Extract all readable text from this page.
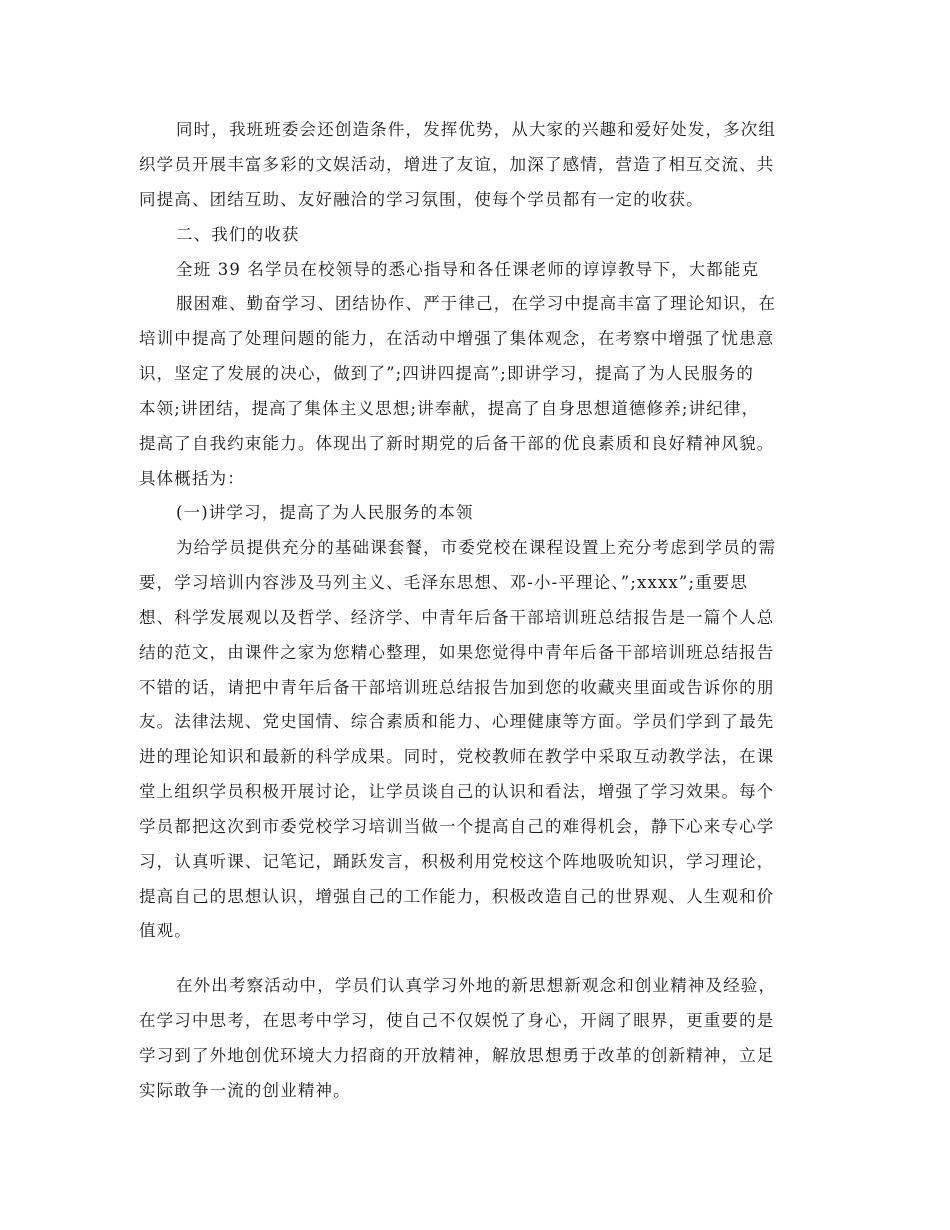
同时，我班班委会还创造条件，发挥优势，从大家的兴趣和爱好处发，多次组
织学员开展丰富多彩的文娱活动，增进了友谊，加深了感情，营造了相互交流、共
同提高、团结互助、友好融洽的学习氛围，使每个学员都有一定的收获。
二、我们的收获
全班 39 名学员在校领导的悉心指导和各任课老师的谆谆教导下，大都能克
服困难、勤奋学习、团结协作、严于律己，在学习中提高丰富了理论知识，在
培训中提高了处理问题的能力，在活动中增强了集体观念，在考察中增强了忧患意
识，坚定了发展的决心，做到了”;四讲四提高”;即讲学习，提高了为人民服务的
本领;讲团结，提高了集体主义思想;讲奉献，提高了自身思想道德修养;讲纪律，
提高了自我约束能力。体现出了新时期党的后备干部的优良素质和良好精神风貌。
具体概括为：
(一)讲学习，提高了为人民服务的本领
为给学员提供充分的基础课套餐，市委党校在课程设置上充分考虑到学员的需
要，学习培训内容涉及马列主义、毛泽东思想、邓-小-平理论、”;xxxx”;重要思
想、科学发展观以及哲学、经济学、中青年后备干部培训班总结报告是一篇个人总
结的范文，由课件之家为您精心整理，如果您觉得中青年后备干部培训班总结报告
不错的话，请把中青年后备干部培训班总结报告加到您的收藏夹里面或告诉你的朋
友。法律法规、党史国情、综合素质和能力、心理健康等方面。学员们学到了最先
进的理论知识和最新的科学成果。同时，党校教师在教学中采取互动教学法，在课
堂上组织学员积极开展讨论，让学员谈自己的认识和看法，增强了学习效果。每个
学员都把这次到市委党校学习培训当做一个提高自己的难得机会，静下心来专心学
习，认真听课、记笔记，踊跃发言，积极利用党校这个阵地吸吮知识，学习理论，
提高自己的思想认识，增强自己的工作能力，积极改造自己的世界观、人生观和价
值观。
在外出考察活动中，学员们认真学习外地的新思想新观念和创业精神及经验，
在学习中思考，在思考中学习，使自己不仅娱悦了身心，开阔了眼界，更重要的是
学习到了外地创优环境大力招商的开放精神，解放思想勇于改革的创新精神，立足
实际敢争一流的创业精神。
